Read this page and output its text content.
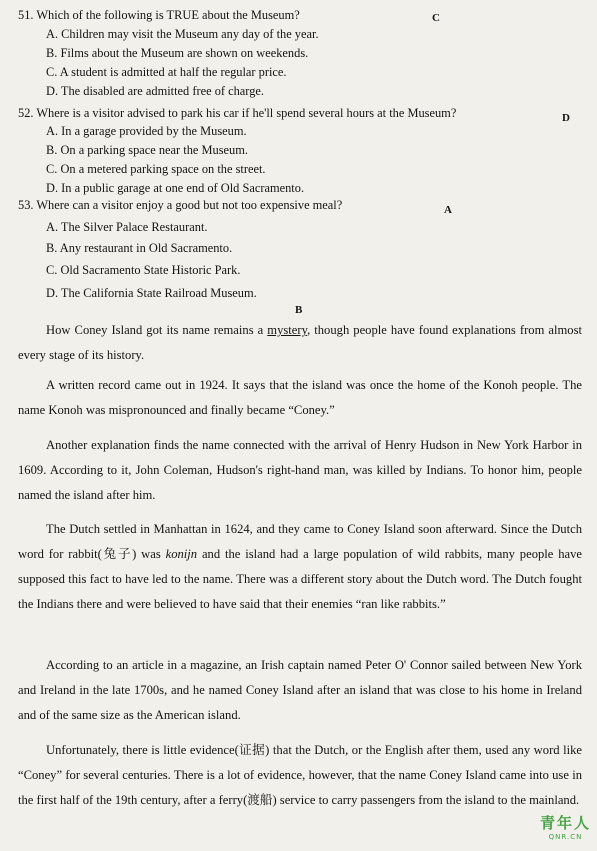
51. Which of the following is TRUE about the Museum?	C
A. Children may visit the Museum any day of the year.
B. Films about the Museum are shown on weekends.
C. A student is admitted at half the regular price.
D. The disabled are admitted free of charge.
52. Where is a visitor advised to park his car if he'll spend several hours at the Museum?	D
A. In a garage provided by the Museum.
B. On a parking space near the Museum.
C. On a metered parking space on the street.
D. In a public garage at one end of Old Sacramento.
53. Where can a visitor enjoy a good but not too expensive meal?	A
A. The Silver Palace Restaurant.
B. Any restaurant in Old Sacramento.
C. Old Sacramento State Historic Park.
D. The California State Railroad Museum.
B
How Coney Island got its name remains a mystery, though people have found explanations from almost every stage of its history.
A written record came out in 1924. It says that the island was once the home of the Konoh people. The name Konoh was mispronounced and finally became “Coney.”
Another explanation finds the name connected with the arrival of Henry Hudson in New York Harbor in 1609. According to it, John Coleman, Hudson's right-hand man, was killed by Indians. To honor him, people named the island after him.
The Dutch settled in Manhattan in 1624, and they came to Coney Island soon afterward. Since the Dutch word for rabbit(兔子) was konijn and the island had a large population of wild rabbits, many people have supposed this fact to have led to the name. There was a different story about the Dutch word. The Dutch fought the Indians there and were believed to have said that their enemies “ran like rabbits.”
According to an article in a magazine, an Irish captain named Peter O' Connor sailed between New York and Ireland in the late 1700s, and he named Coney Island after an island that was close to his home in Ireland and of the same size as the American island.
Unfortunately, there is little evidence(证据) that the Dutch, or the English after them, used any word like “Coney” for several centuries. There is a lot of evidence, however, that the name Coney Island came into use in the first half of the 19th century, after a ferry(渡船) service to carry passengers from the island to the mainland.
青年人
QNR.CN
